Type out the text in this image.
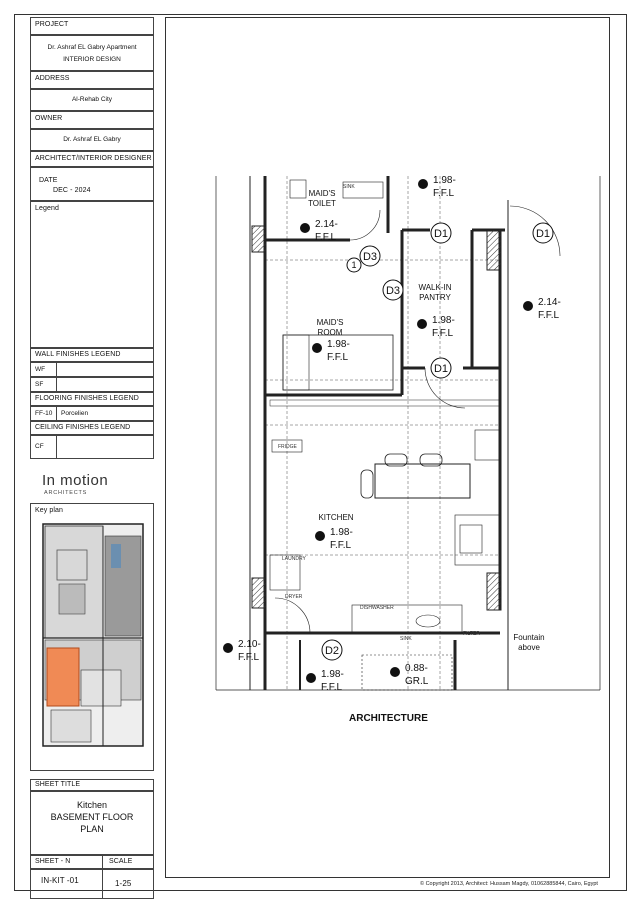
PROJECT
Dr. Ashraf EL Gabry Apartment
INTERIOR DESIGN
ADDRESS
Al-Rehab City
OWNER
Dr. Ashraf EL Gabry
ARCHITECT/INTERIOR DESIGNER
DATE
DEC - 2024
Legend
WALL FINISHES LEGEND
WF
SF
FLOORING FINISHES LEGEND
FF-10	Porcelien
CEILING FINISHES LEGEND
CF
Key plan
SHEET TITLE
Kitchen
BASEMENT FLOOR
PLAN
SHEET - N	SCALE
IN-KIT -01	1-25
In motion
ARCHITECTS
D1	D1
D1
D3
D3
D2
1
1.98-
F.F.L
2.14-
F.F.L
1.98-
F.F.L
1.98-
F.F.L
2.14-
F.F.L
1.98-
F.F.L
2.10-
F.F.L
1.98-
F.F.L
0.88-
GR.L
MAID'S
TOILET
MAID'S
ROOM
WALK-IN
PANTRY
KITCHEN
Fountain
above
SINK
FRIDGE
DISHWASHER
SINK
FILTER
LAUNDRY
DRYER
ARCHITECTURE
© Copyright 2013, Architect: Hussam Magdy, 01062885844, Cairo, Egypt
